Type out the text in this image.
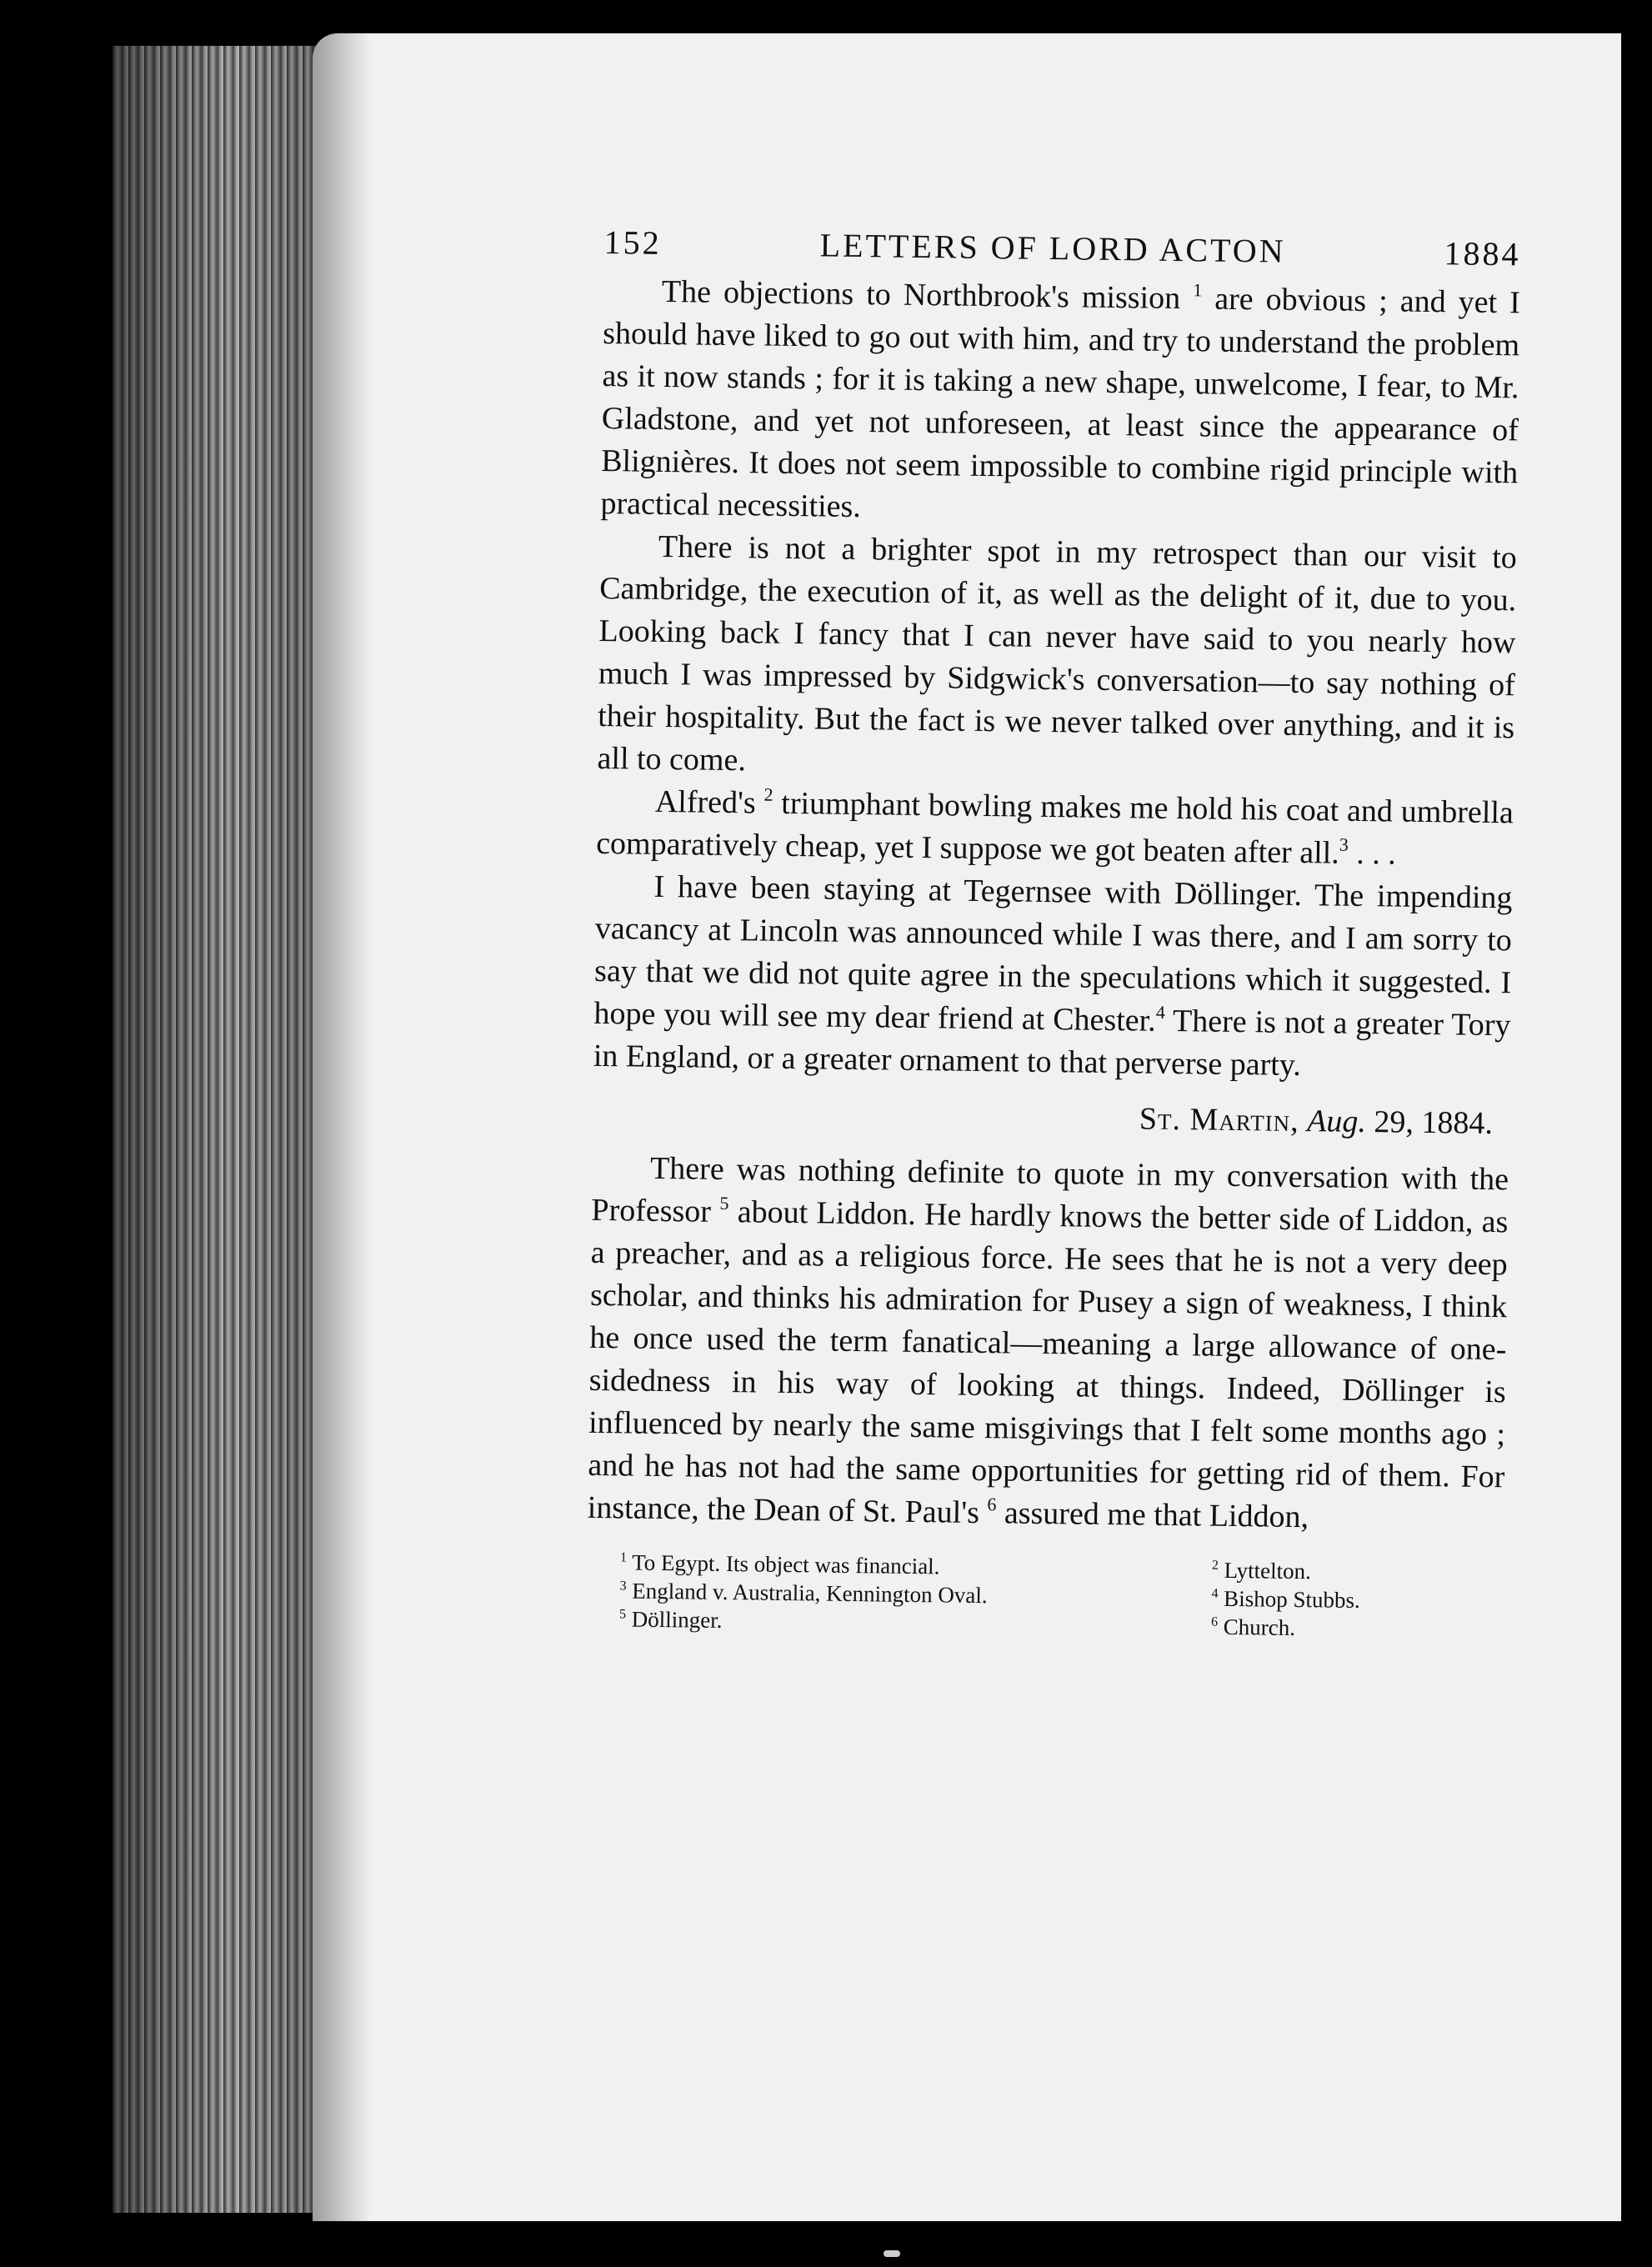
152	LETTERS OF LORD ACTON	1884

The objections to Northbrook's mission $^1$ are obvious ; and yet I should have liked to go out with him, and try to understand the problem as it now stands ; for it is taking a new shape, unwelcome, I fear, to Mr. Gladstone, and yet not unforeseen, at least since the appearance of Blignières. It does not seem impossible to combine rigid principle with practical necessities.

There is not a brighter spot in my retrospect than our visit to Cambridge, the execution of it, as well as the delight of it, due to you. Looking back I fancy that I can never have said to you nearly how much I was impressed by Sidgwick's conversation—to say nothing of their hospitality. But the fact is we never talked over anything, and it is all to come.

Alfred's $^2$ triumphant bowling makes me hold his coat and umbrella comparatively cheap, yet I suppose we got beaten after all.$^3$ . . .

I have been staying at Tegernsee with Döllinger. The impending vacancy at Lincoln was announced while I was there, and I am sorry to say that we did not quite agree in the speculations which it suggested. I hope you will see my dear friend at Chester.$^4$ There is not a greater Tory in England, or a greater ornament to that perverse party.

St. Martin, Aug. 29, 1884.

There was nothing definite to quote in my conversation with the Professor $^5$ about Liddon. He hardly knows the better side of Liddon, as a preacher, and as a religious force. He sees that he is not a very deep scholar, and thinks his admiration for Pusey a sign of weakness, I think he once used the term fanatical—meaning a large allowance of one-sidedness in his way of looking at things. Indeed, Döllinger is influenced by nearly the same misgivings that I felt some months ago ; and he has not had the same opportunities for getting rid of them. For instance, the Dean of St. Paul's $^6$ assured me that Liddon,

$^1$ To Egypt. Its object was financial.	$^2$ Lyttelton.
$^3$ England v. Australia, Kennington Oval.	$^4$ Bishop Stubbs.
$^5$ Döllinger.	$^6$ Church.
